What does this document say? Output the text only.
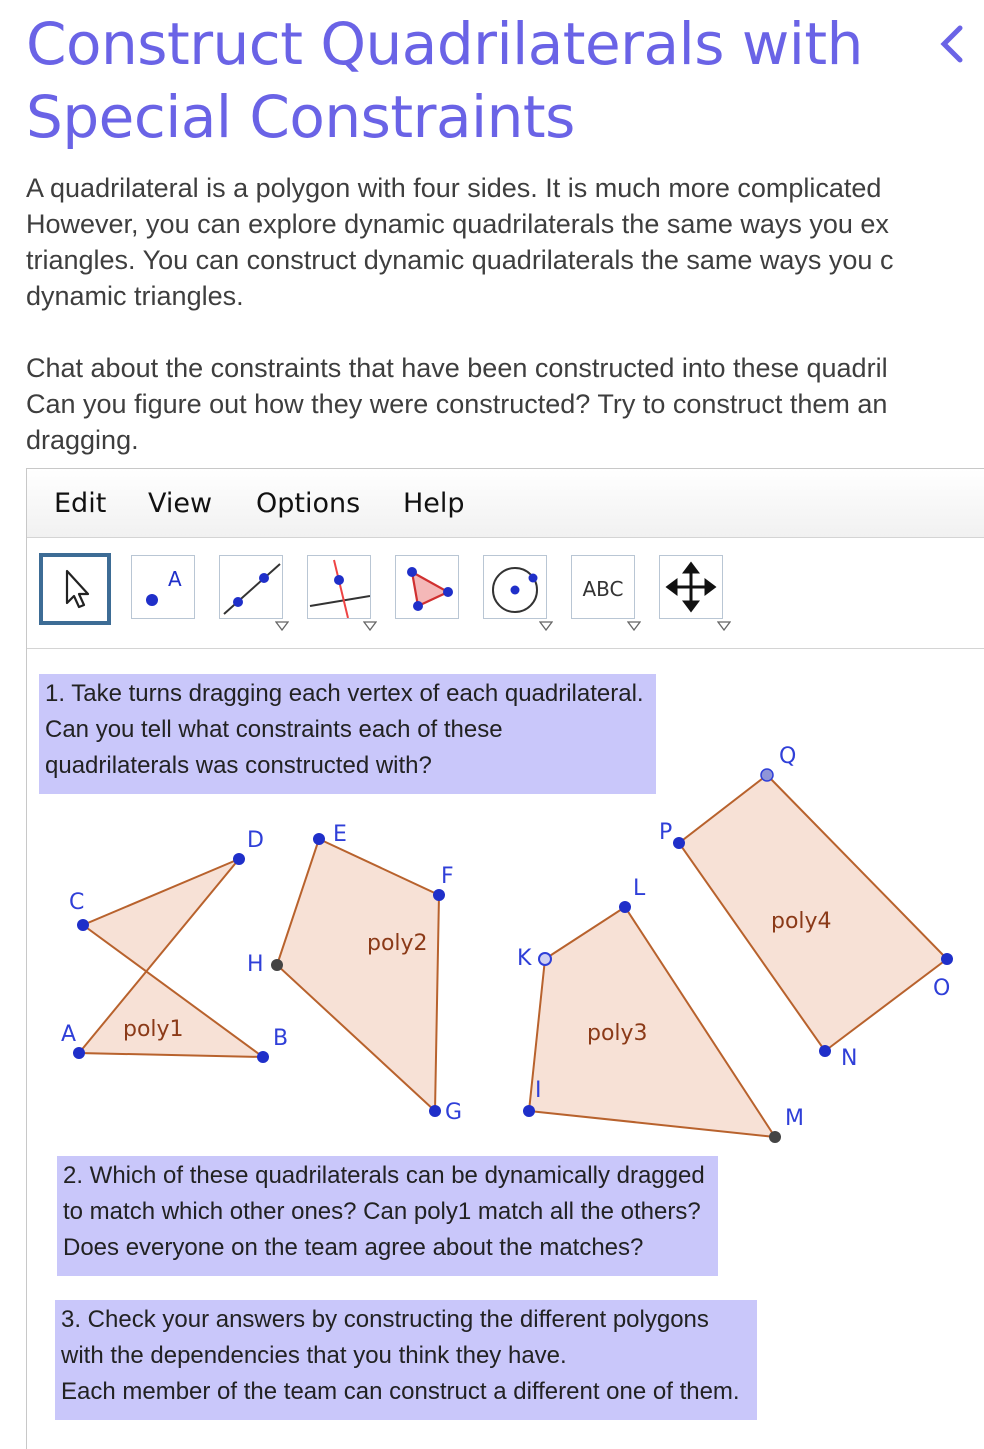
Construct Quadrilaterals with
Special Constraints

A quadrilateral is a polygon with four sides. It is much more complicated
However, you can explore dynamic quadrilaterals the same ways you ex
triangles. You can construct dynamic quadrilaterals the same ways you c
dynamic triangles.

Chat about the constraints that have been constructed into these quadril
Can you figure out how they were constructed? Try to construct them an
dragging.

Edit View Options Help
A	ABC
1. Take turns dragging each vertex of each quadrilateral.
Can you tell what constraints each of these
quadrilaterals was constructed with?
2. Which of these quadrilaterals can be dynamically dragged
to match which other ones? Can poly1 match all the others?
Does everyone on the team agree about the matches?
3. Check your answers by constructing the different polygons
with the dependencies that you think they have.
Each member of the team can construct a different one of them.
poly1
poly2
poly3
poly4
A	B
C
D	E
F
G
H
I
K
L
M
N
O
P
Q
